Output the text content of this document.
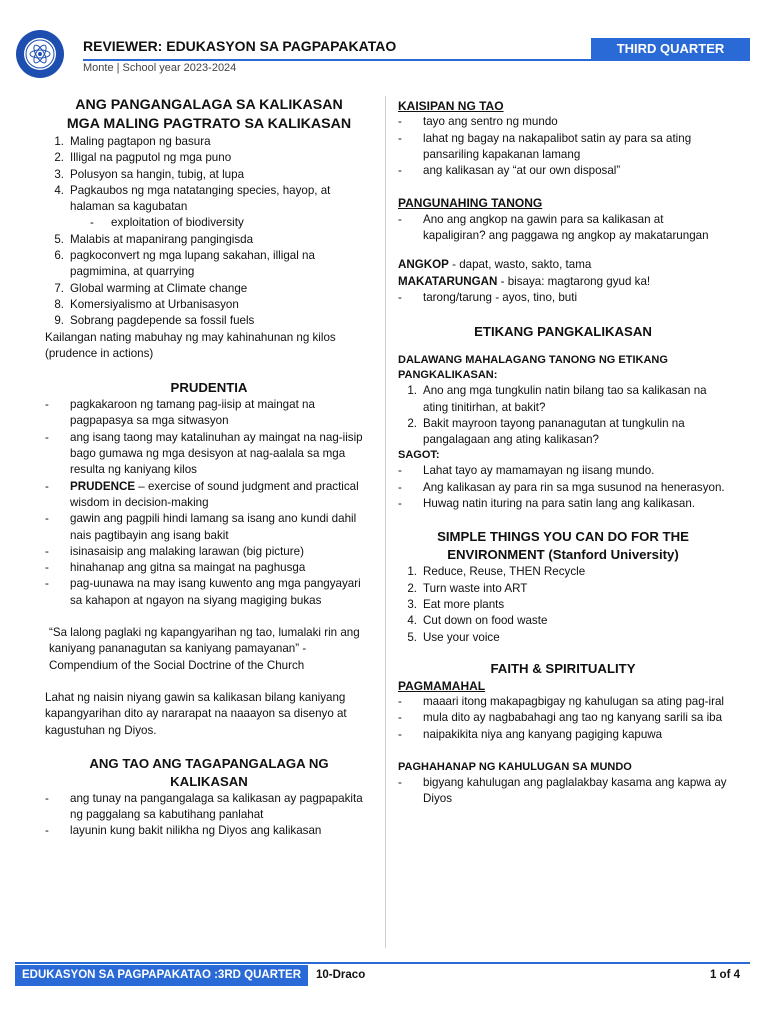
REVIEWER: EDUKASYON SA PAGPAPAKATAO	THIRD QUARTER
Monte | School year 2023-2024

ANG PANGANGALAGA SA KALIKASAN

MGA MALING PAGTRATO SA KALIKASAN

1. Maling pagtapon ng basura
2. Illigal na pagputol ng mga puno
3. Polusyon sa hangin, tubig, at lupa
4. Pagkaubos ng mga natatanging species, hayop, at halaman sa kagubatan
- exploitation of biodiversity
5. Malabis at mapanirang pangingisda
6. pagkoconvert ng mga lupang sakahan, illigal na pagmimina, at quarrying
7. Global warming at Climate change
8. Komersiyalismo at Urbanisasyon
9. Sobrang pagdepende sa fossil fuels

Kailangan nating mabuhay ng may kahinahunan ng kilos (prudence in actions)

PRUDENTIA

- pagkakaroon ng tamang pag-iisip at maingat na pagpapasya sa mga sitwasyon
- ang isang taong may katalinuhan ay maingat na nag-iisip bago gumawa ng mga desisyon at nag-aalala sa mga resulta ng kaniyang kilos
- PRUDENCE – exercise of sound judgment and practical wisdom in decision-making
- gawin ang pagpili hindi lamang sa isang ano kundi dahil nais pagtibayin ang isang bakit
- isinasaisip ang malaking larawan (big picture)
- hinahanap ang gitna sa maingat na paghusga
- pag-uunawa na may isang kuwento ang mga pangyayari sa kahapon at ngayon na siyang magiging bukas

“Sa lalong paglaki ng kapangyarihan ng tao, lumalaki rin ang kaniyang pananagutan sa kaniyang pamayanan” - Compendium of the Social Doctrine of the Church

Lahat ng naisin niyang gawin sa kalikasan bilang kaniyang kapangyarihan dito ay nararapat na naaayon sa disenyo at kagustuhan ng Diyos.

ANG TAO ANG TAGAPANGALAGA NG KALIKASAN

- ang tunay na pangangalaga sa kalikasan ay pagpapakita ng paggalang sa kabutihang panlahat
- layunin kung bakit nilikha ng Diyos ang kalikasan

KAISIPAN NG TAO

- tayo ang sentro ng mundo
- lahat ng bagay na nakapalibot satin ay para sa ating pansariling kapakanan lamang
- ang kalikasan ay “at our own disposal”

PANGUNAHING TANONG

- Ano ang angkop na gawin para sa kalikasan at kapaligiran? ang paggawa ng angkop ay makatarungan

ANGKOP - dapat, wasto, sakto, tama

MAKATARUNGAN - bisaya: magtarong gyud ka!

- tarong/tarung - ayos, tino, buti

ETIKANG PANGKALIKASAN

DALAWANG MAHALAGANG TANONG NG ETIKANG PANGKALIKASAN:

1. Ano ang mga tungkulin natin bilang tao sa kalikasan na ating tinitirhan, at bakit?
2. Bakit mayroon tayong pananagutan at tungkulin na pangalagaan ang ating kalikasan?

SAGOT:

- Lahat tayo ay mamamayan ng iisang mundo.
- Ang kalikasan ay para rin sa mga susunod na henerasyon.
- Huwag natin ituring na para satin lang ang kalikasan.

SIMPLE THINGS YOU CAN DO FOR THE ENVIRONMENT (Stanford University)

1. Reduce, Reuse, THEN Recycle
2. Turn waste into ART
3. Eat more plants
4. Cut down on food waste
5. Use your voice

FAITH & SPIRITUALITY

PAGMAMAHAL

- maaari itong makapagbigay ng kahulugan sa ating pag-iral
- mula dito ay nagbabahagi ang tao ng kanyang sarili sa iba
- naipakikita niya ang kanyang pagiging kapuwa

PAGHAHANAP NG KAHULUGAN SA MUNDO

- bigyang kahulugan ang paglalakbay kasama ang kapwa ay Diyos
EDUKASYON SA PAGPAPAKATAO :3RD QUARTER	10-Draco	1 of 4
